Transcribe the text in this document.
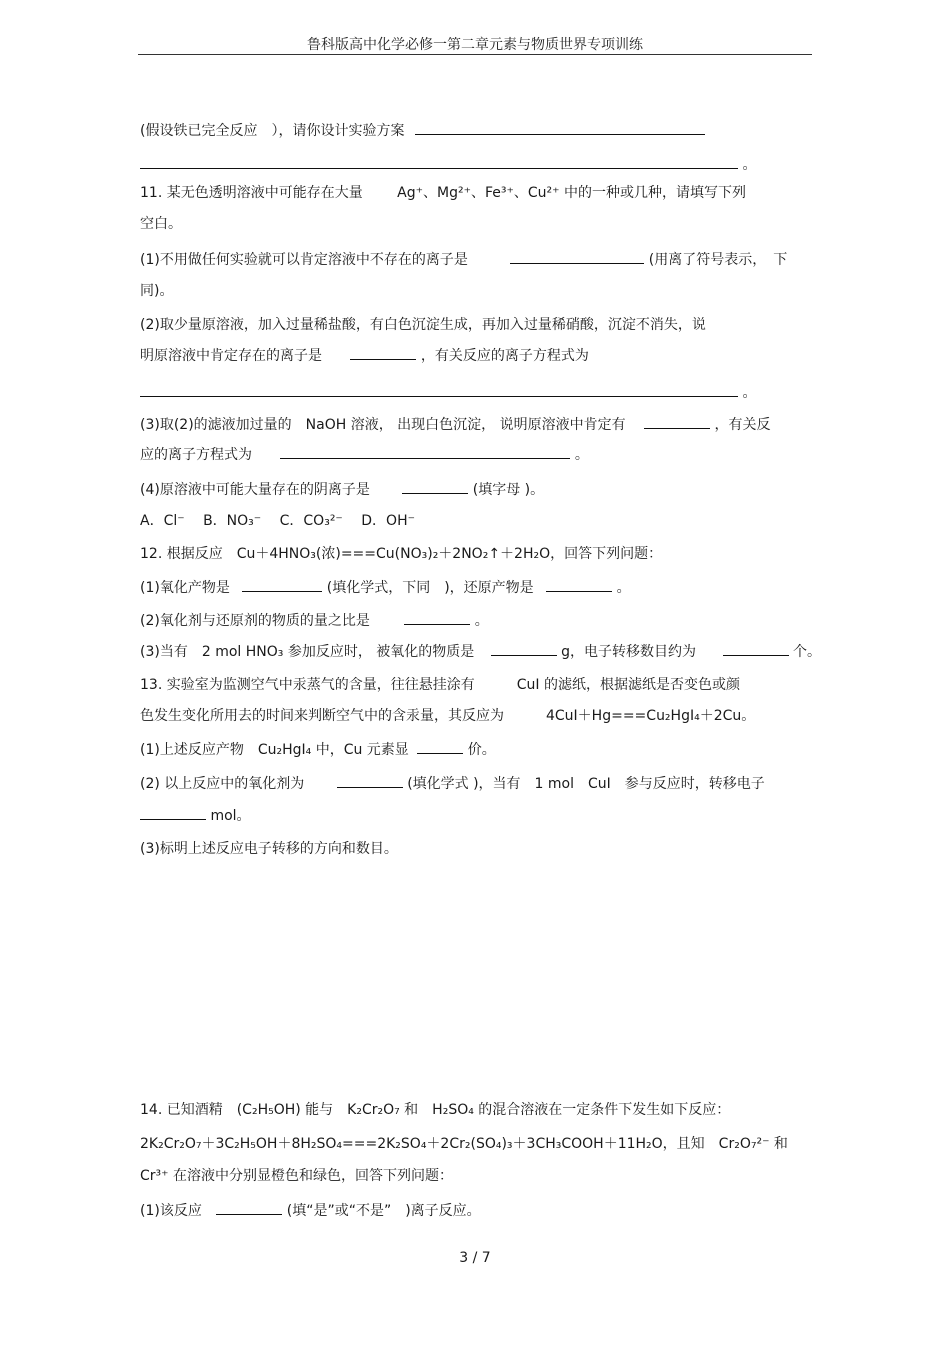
鲁科版高中化学必修一第二章元素与物质世界专项训练
(假设铁已完全反应　），请你设计实验方案
。
11. 某无色透明溶液中可能存在大量 Ag⁺、Mg²⁺、Fe³⁺、Cu²⁺ 中的一种或几种，请填写下列
空白。
(1)不用做任何实验就可以肯定溶液中不存在的离子是	(用离了符号表示，　下
同)。
(2)取少量原溶液，加入过量稀盐酸，有白色沉淀生成，再加入过量稀硝酸，沉淀不消失，说
明原溶液中肯定存在的离子是	，有关反应的离子方程式为
。
(3)取(2)的滤液加过量的　NaOH 溶液， 出现白色沉淀， 说明原溶液中肯定有	，有关反
应的离子方程式为	。
(4)原溶液中可能大量存在的阴离子是	(填字母 )。
A．Cl⁻　 B．NO₃⁻　 C．CO₃²⁻　 D．OH⁻
12. 根据反应　Cu＋4HNO₃(浓)===Cu(NO₃)₂＋2NO₂↑＋2H₂O，回答下列问题：
(1)氧化产物是	(填化学式，下同　)，还原产物是	。
(2)氧化剂与还原剂的物质的量之比是	。
(3)当有　2 mol HNO₃ 参加反应时， 被氧化的物质是	g，电子转移数目约为	个。
13. 实验室为监测空气中汞蒸气的含量，往往悬挂涂有　　　CuI 的滤纸，根据滤纸是否变色或颜
色发生变化所用去的时间来判断空气中的含汞量，其反应为　　　4CuI＋Hg===Cu₂HgI₄＋2Cu。
(1)上述反应产物　Cu₂HgI₄ 中，Cu 元素显	价。
(2) 以上反应中的氧化剂为	(填化学式 )，当有　1 mol　CuI　参与反应时，转移电子
mol。
(3)标明上述反应电子转移的方向和数目。
14. 已知酒精　(C₂H₅OH) 能与　K₂Cr₂O₇ 和　H₂SO₄ 的混合溶液在一定条件下发生如下反应：
2K₂Cr₂O₇＋3C₂H₅OH＋8H₂SO₄===2K₂SO₄＋2Cr₂(SO₄)₃＋3CH₃COOH＋11H₂O，且知　Cr₂O₇²⁻ 和
Cr³⁺ 在溶液中分别显橙色和绿色，回答下列问题：
(1)该反应	(填“是”或“不是”　)离子反应。
3 / 7
